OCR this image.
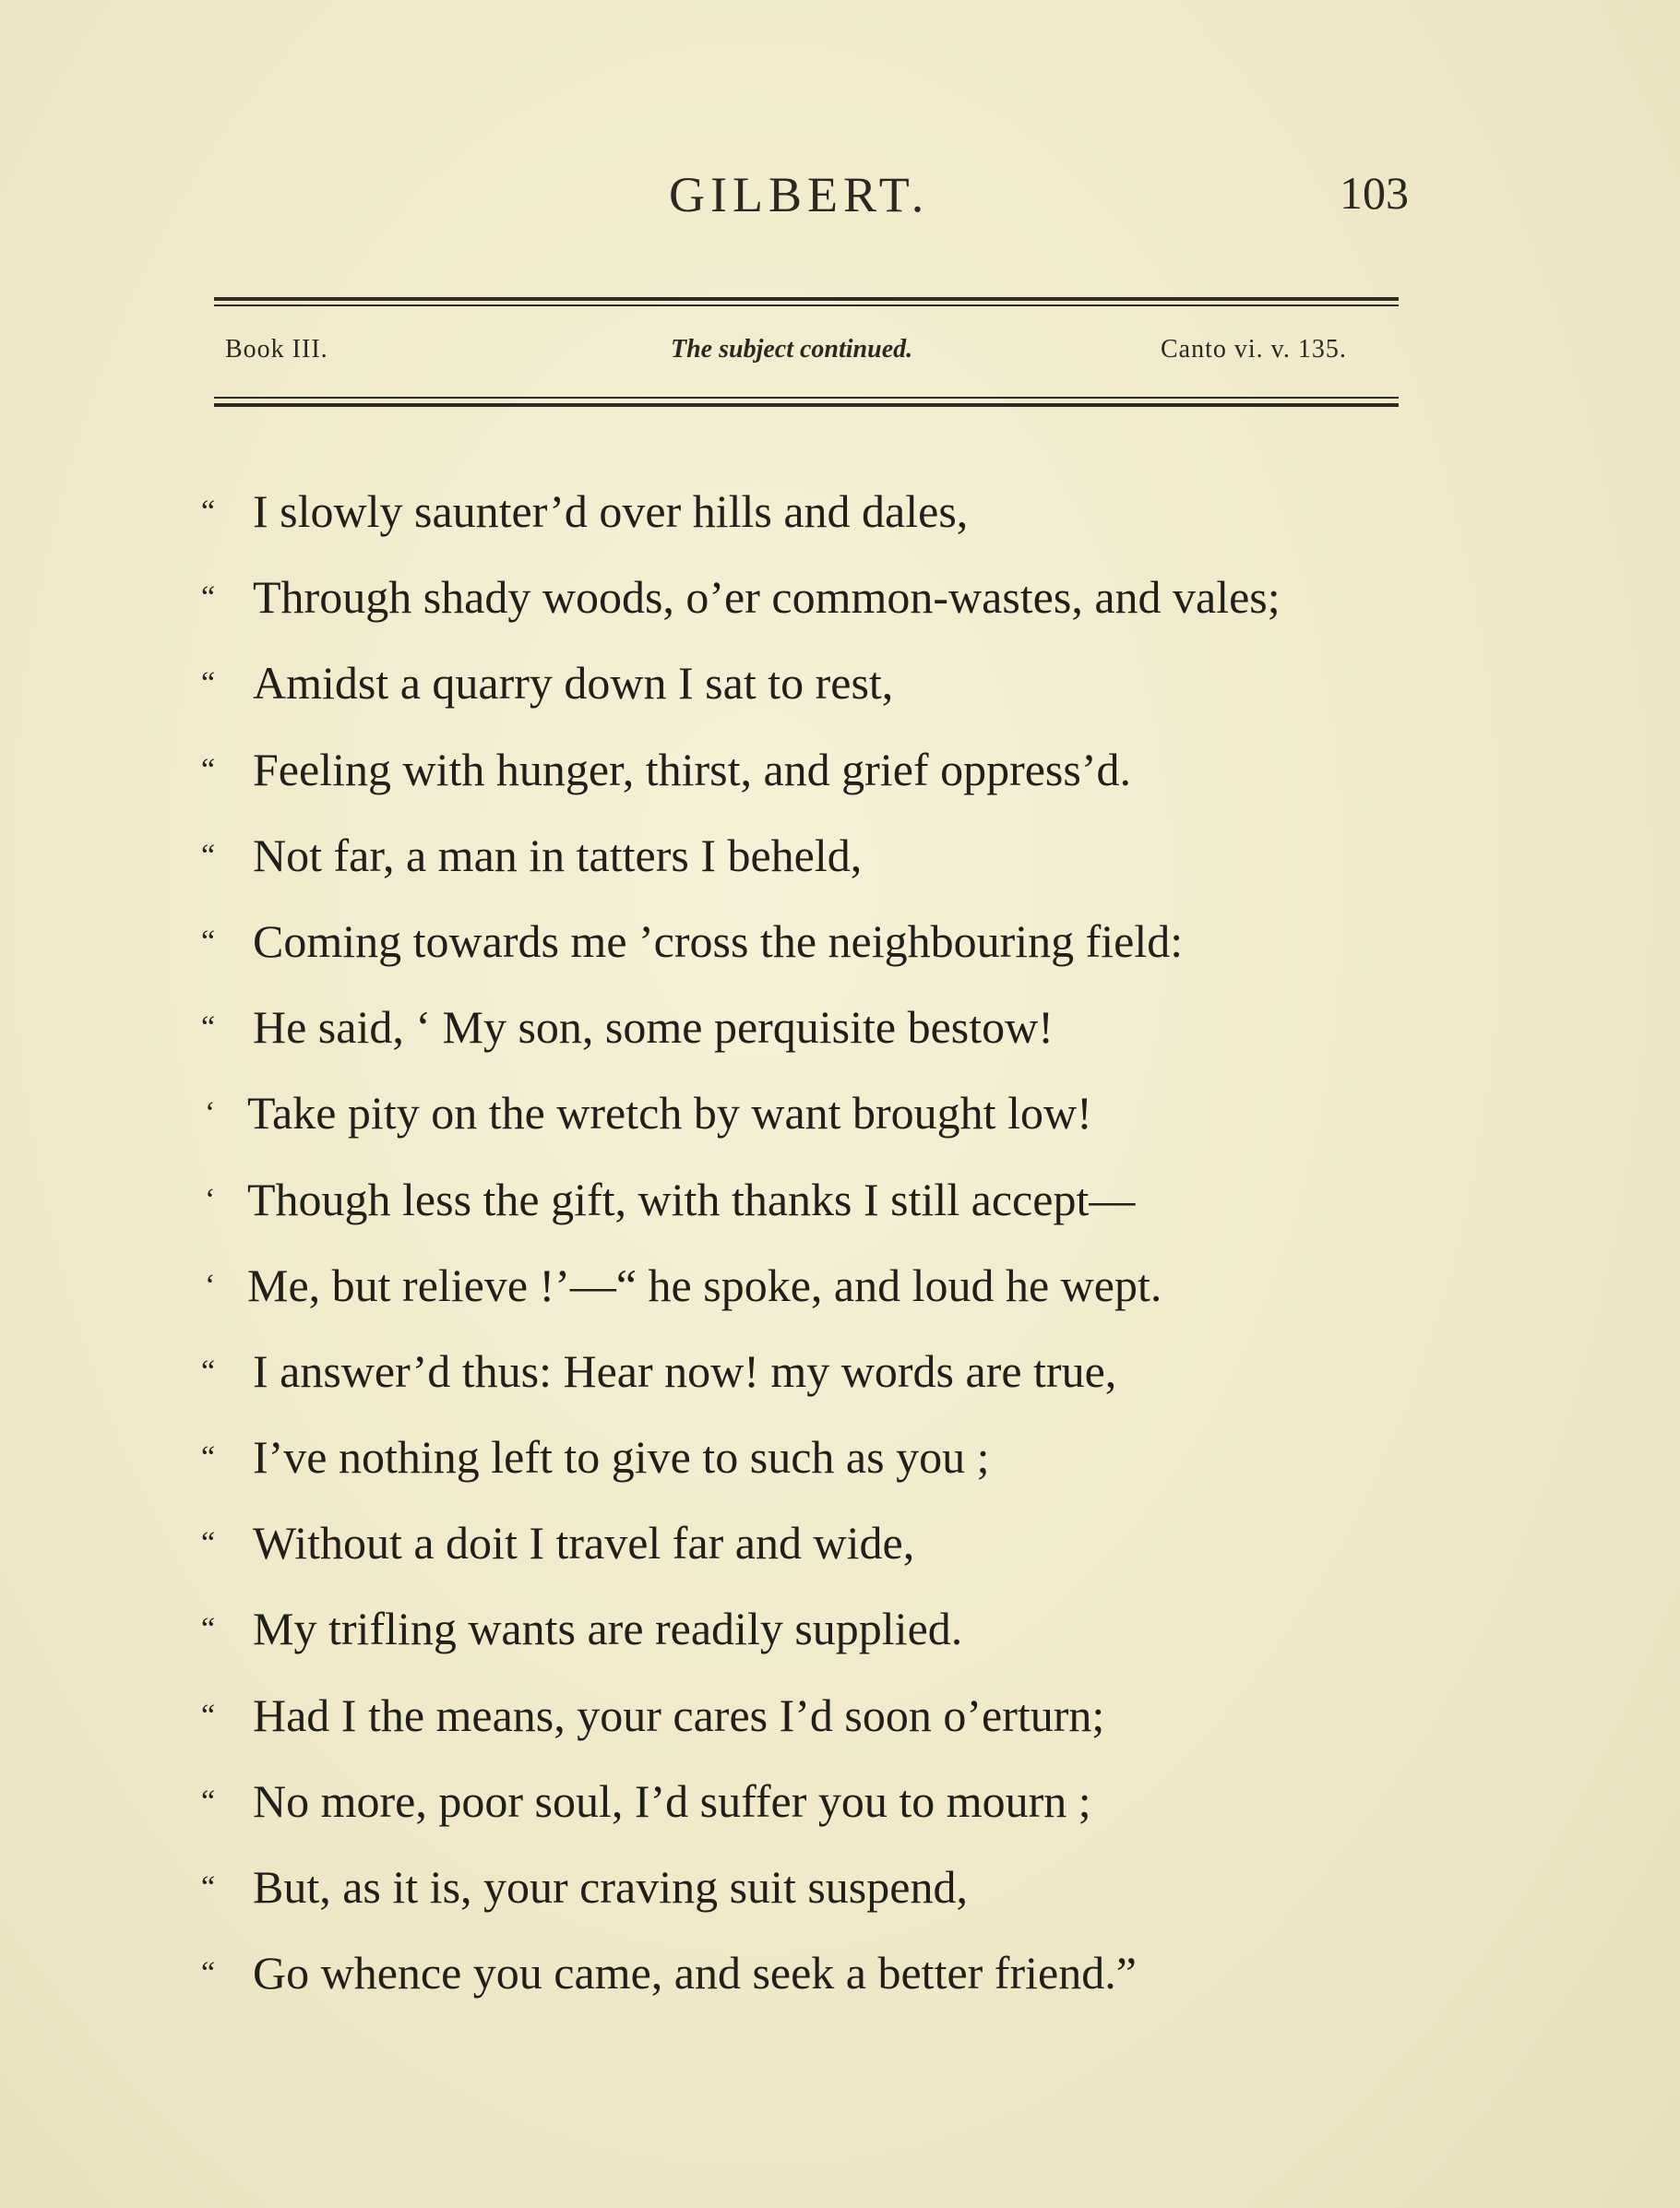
GILBERT.	103
Book III.	The subject continued.	Canto vi. v. 135.
“ I slowly saunter’d over hills and dales,
“ Through shady woods, o’er common-wastes, and vales;
“ Amidst a quarry down I sat to rest,
“ Feeling with hunger, thirst, and grief oppress’d.
“ Not far, a man in tatters I beheld,
“ Coming towards me ’cross the neighbouring field:
“ He said, ‘ My son, some perquisite bestow!
‘ Take pity on the wretch by want brought low!
‘ Though less the gift, with thanks I still accept—
‘ Me, but relieve !’—“ he spoke, and loud he wept.
“ I answer’d thus: Hear now! my words are true,
“ I’ve nothing left to give to such as you ;
“ Without a doit I travel far and wide,
“ My trifling wants are readily supplied.
“ Had I the means, your cares I’d soon o’erturn;
“ No more, poor soul, I’d suffer you to mourn ;
“ But, as it is, your craving suit suspend,
“ Go whence you came, and seek a better friend.”
